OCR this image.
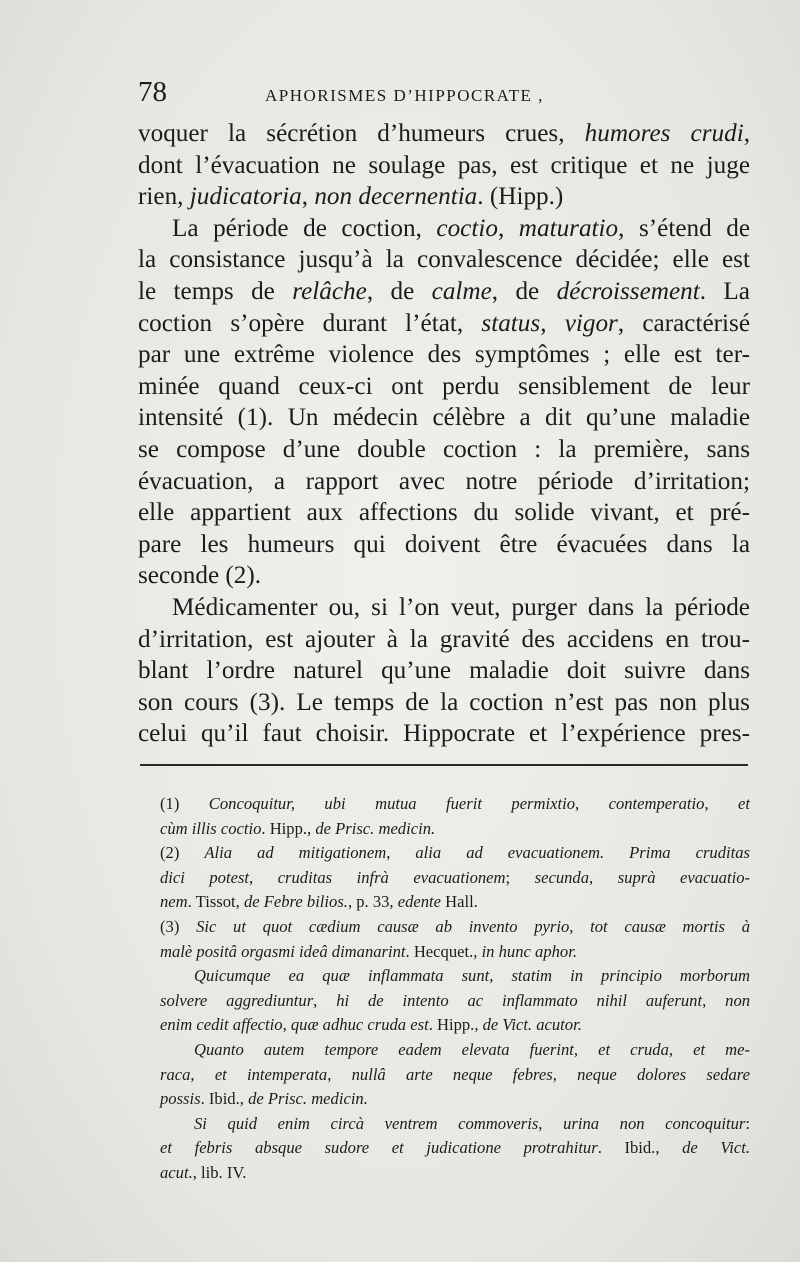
78	APHORISMES D’HIPPOCRATE ,
voquer la sécrétion d’humeurs crues, humores crudi,
dont l’évacuation ne soulage pas, est critique et ne juge
rien, judicatoria, non decernentia. (Hipp.)
La période de coction, coctio, maturatio, s’étend de
la consistance jusqu’à la convalescence décidée; elle est
le temps de relâche, de calme, de décroissement. La
coction s’opère durant l’état, status, vigor, caractérisé
par une extrême violence des symptômes ; elle est ter-
minée quand ceux-ci ont perdu sensiblement de leur
intensité (1). Un médecin célèbre a dit qu’une maladie
se compose d’une double coction : la première, sans
évacuation, a rapport avec notre période d’irritation;
elle appartient aux affections du solide vivant, et pré-
pare les humeurs qui doivent être évacuées dans la
seconde (2).
Médicamenter ou, si l’on veut, purger dans la période
d’irritation, est ajouter à la gravité des accidens en trou-
blant l’ordre naturel qu’une maladie doit suivre dans
son cours (3). Le temps de la coction n’est pas non plus
celui qu’il faut choisir. Hippocrate et l’expérience pres-
(1) Concoquitur, ubi mutua fuerit permixtio, contemperatio, et
cùm illis coctio. Hipp., de Prisc. medicin.
(2) Alia ad mitigationem, alia ad evacuationem. Prima cruditas
dici potest, cruditas infrà evacuationem; secunda, suprà evacuatio-
nem. Tissot, de Febre bilios., p. 33, edente Hall.
(3) Sic ut quot cædium causæ ab invento pyrio, tot causæ mortis à
malè positâ orgasmi ideâ dimanarint. Hecquet., in hunc aphor.
Quicumque ea quæ inflammata sunt, statim in principio morborum
solvere aggrediuntur, hi de intento ac inflammato nihil auferunt, non
enim cedit affectio, quæ adhuc cruda est. Hipp., de Vict. acutor.
Quanto autem tempore eadem elevata fuerint, et cruda, et me-
raca, et intemperata, nullâ arte neque febres, neque dolores sedare
possis. Ibid., de Prisc. medicin.
Si quid enim circà ventrem commoveris, urina non concoquitur:
et febris absque sudore et judicatione protrahitur. Ibid., de Vict.
acut., lib. IV.
